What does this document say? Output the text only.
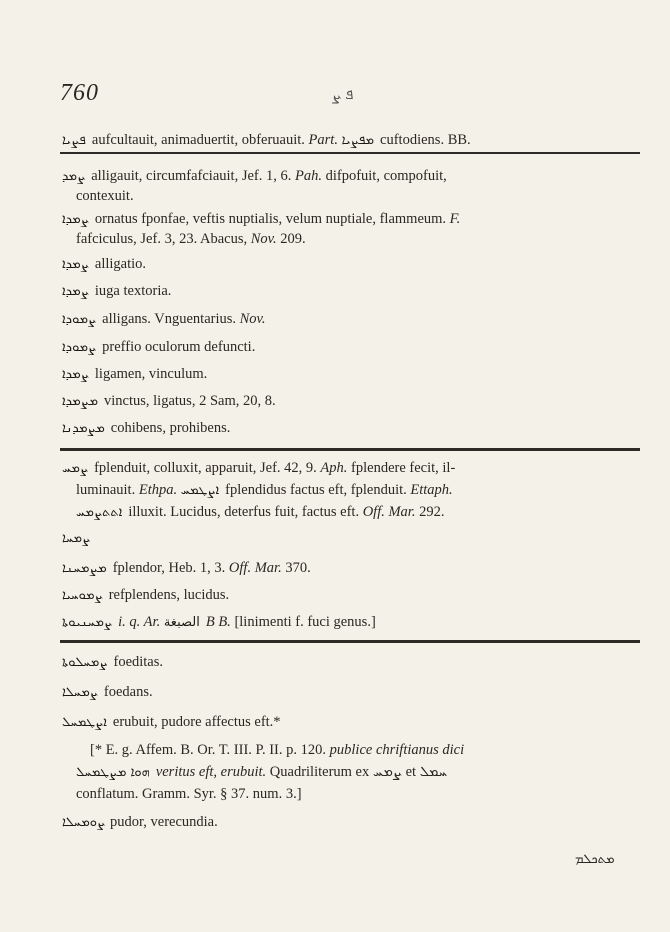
760	ܦ ܨ
ܦܨܝܐ aufcultauit, animaduertit, obferuauit. Part. ܡܦܨܝܐ cuftodiens. BB.
ܨܡܕ alligauit, circumfafciauit, Jef. 1, 6. Pah. difpofuit, compofuit,
contexuit.
ܨܡܕܐ ornatus fponfae, veftis nuptialis, velum nuptiale, flammeum. F.
fafciculus, Jef. 3, 23. Abacus, Nov. 209.
ܨܡܕܐ alligatio.
ܨܡܕܐ iuga textoria.
ܨܡܘܕܐ alligans. Vnguentarius. Nov.
ܨܡܘܕܐ preffio oculorum defuncti.
ܨܡܕܐ ligamen, vinculum.
ܡܨܡܕܐ vinctus, ligatus, 2 Sam, 20, 8.
ܡܨܡܕܢܐ cohibens, prohibens.
ܨܡܚ fplenduit, colluxit, apparuit, Jef. 42, 9. Aph. fplendere fecit, il-
luminauit. Ethpa. ܐܨܛܡܚ fplendidus factus eft, fplenduit. Ettaph.
ܐܬܬܨܡܚ illuxit. Lucidus, deterfus fuit, factus eft. Off. Mar. 292.
ܨܡܚܐ
ܡܨܡܚܢܐ fplendor, Heb. 1, 3. Off. Mar. 370.
ܨܡܘܚܝܐ refplendens, lucidus.
ܨܡܚܢܝܘܬܐ i. q. Ar. الصبغة B B. [linimenti f. fuci genus.]
ܨܡܚܠܘܬܐ foeditas.
ܨܡܚܠܐ foedans.
ܐܨܛܡܚܠ erubuit, pudore affectus eft.*
[* E. g. Affem. B. Or. T. III. P. II. p. 120. publice chriftianus dici
ܗܘܐ ܡܨܛܡܚܠ veritus eft, erubuit. Quadriliterum ex ܨܡܚ et ܚܡܠ
conflatum. Gramm. Syr. § 37. num. 3.]
ܨܘܡܚܠܐ pudor, verecundia.
ܡܬܟܠܡ
